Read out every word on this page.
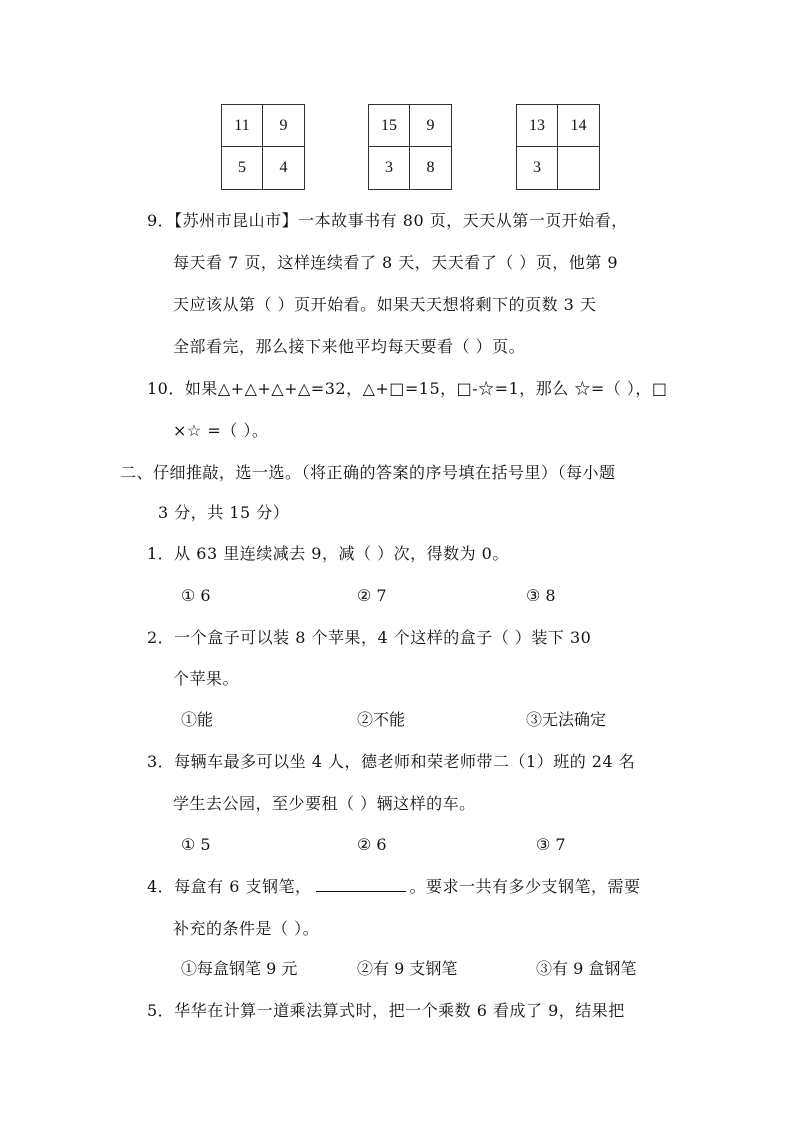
11	9
5	4
15	9
3	8
13	14
3
9．【苏州市昆山市】一本故事书有 80 页，天天从第一页开始看，
每天看 7 页，这样连续看了 8 天，天天看了（ ）页，他第 9
天应该从第（ ）页开始看。如果天天想将剩下的页数 3 天
全部看完，那么接下来他平均每天要看（ ）页。
10．如果△+△+△+△=32，△+□=15，□-☆=1，那么 ☆=（ ），□
×☆ =（ ）。
二、仔细推敲，选一选。（将正确的答案的序号填在括号里）（每小题
3 分，共 15 分）
1．从 63 里连续减去 9，减（ ）次，得数为 0。
① 6	② 7	③ 8
2．一个盒子可以装 8 个苹果，4 个这样的盒子（ ）装下 30
个苹果。
①能	②不能	③无法确定
3．每辆车最多可以坐 4 人，德老师和荣老师带二（1）班的 24 名
学生去公园，至少要租（ ）辆这样的车。
① 5	② 6	③ 7
4．每盒有 6 支钢笔，	。要求一共有多少支钢笔，需要
补充的条件是（ ）。
①每盒钢笔 9 元	②有 9 支钢笔	③有 9 盒钢笔
5．华华在计算一道乘法算式时，把一个乘数 6 看成了 9，结果把
